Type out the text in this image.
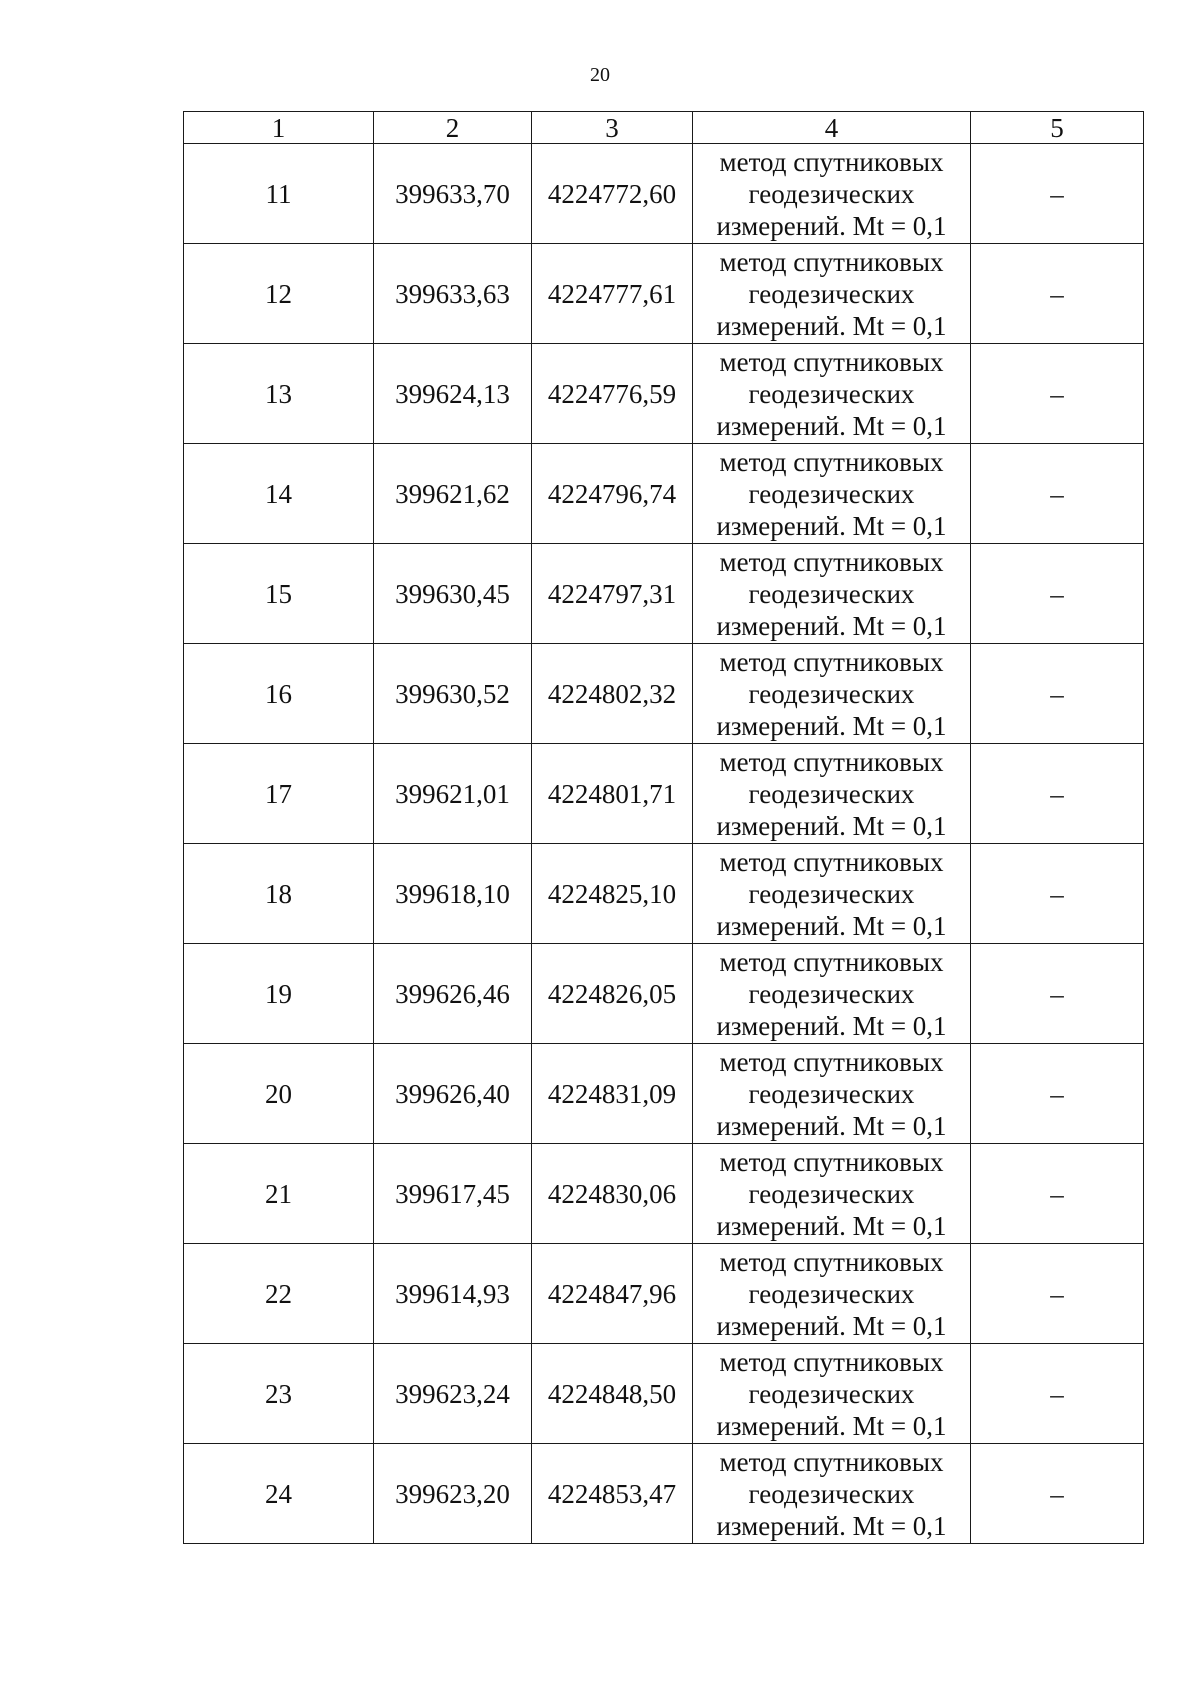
20
1	2	3	4	5
11	399633,70	4224772,60	метод спутниковых
геодезических
измерений. Mt = 0,1	–
12	399633,63	4224777,61	метод спутниковых
геодезических
измерений. Mt = 0,1	–
13	399624,13	4224776,59	метод спутниковых
геодезических
измерений. Mt = 0,1	–
14	399621,62	4224796,74	метод спутниковых
геодезических
измерений. Mt = 0,1	–
15	399630,45	4224797,31	метод спутниковых
геодезических
измерений. Mt = 0,1	–
16	399630,52	4224802,32	метод спутниковых
геодезических
измерений. Mt = 0,1	–
17	399621,01	4224801,71	метод спутниковых
геодезических
измерений. Mt = 0,1	–
18	399618,10	4224825,10	метод спутниковых
геодезических
измерений. Mt = 0,1	–
19	399626,46	4224826,05	метод спутниковых
геодезических
измерений. Mt = 0,1	–
20	399626,40	4224831,09	метод спутниковых
геодезических
измерений. Mt = 0,1	–
21	399617,45	4224830,06	метод спутниковых
геодезических
измерений. Mt = 0,1	–
22	399614,93	4224847,96	метод спутниковых
геодезических
измерений. Mt = 0,1	–
23	399623,24	4224848,50	метод спутниковых
геодезических
измерений. Mt = 0,1	–
24	399623,20	4224853,47	метод спутниковых
геодезических
измерений. Mt = 0,1	–
